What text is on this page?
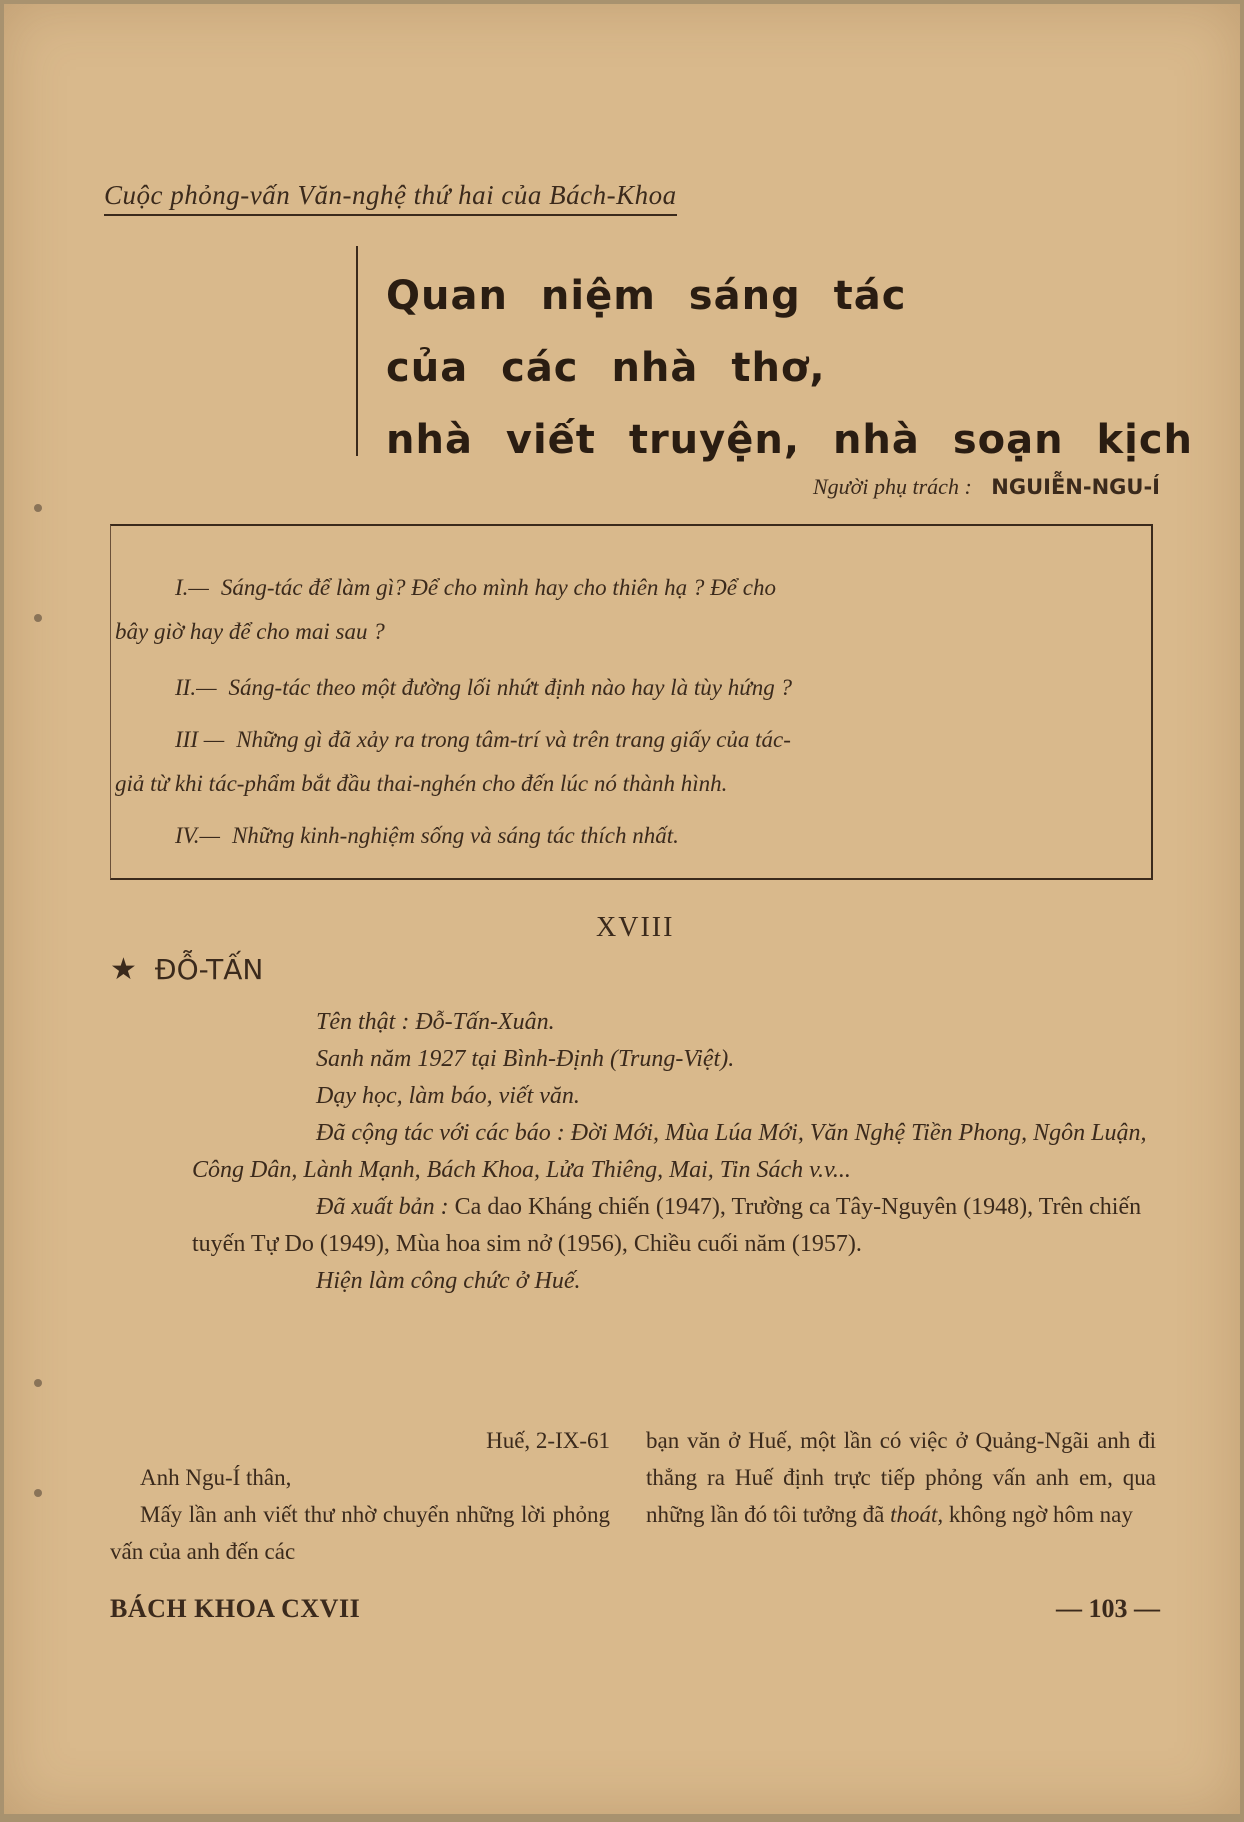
Cuộc phỏng-vấn Văn-nghệ thứ hai của Bách-Khoa
Quan niệm sáng tác
của các nhà thơ,
nhà viết truyện, nhà soạn kịch
Người phụ trách : NGUIỄN-NGU-Í
I.— Sáng-tác để làm gì? Để cho mình hay cho thiên hạ ? Để cho
bây giờ hay để cho mai sau ?
II.— Sáng-tác theo một đường lối nhứt định nào hay là tùy hứng ?
III — Những gì đã xảy ra trong tâm-trí và trên trang giấy của tác-
giả từ khi tác-phẩm bắt đầu thai-nghén cho đến lúc nó thành hình.
IV.— Những kinh-nghiệm sống và sáng tác thích nhất.
XVIII
★ ĐỖ-TẤN

Tên thật : Đỗ-Tấn-Xuân.

Sanh năm 1927 tại Bình-Định (Trung-Việt).

Dạy học, làm báo, viết văn.

Đã cộng tác với các báo : Đời Mới, Mùa Lúa Mới, Văn Nghệ Tiền Phong, Ngôn Luận, Công Dân, Lành Mạnh, Bách Khoa, Lửa Thiêng, Mai, Tin Sách v.v...

Đã xuất bản : Ca dao Kháng chiến (1947), Trường ca Tây-Nguyên (1948), Trên chiến tuyến Tự Do (1949), Mùa hoa sim nở (1956), Chiều cuối năm (1957).

Hiện làm công chức ở Huế.

Huế, 2-IX-61

Anh Ngu-Í thân,

Mấy lần anh viết thư nhờ chuyển những lời phỏng vấn của anh đến các

bạn văn ở Huế, một lần có việc ở Quảng-Ngãi anh đi thẳng ra Huế định trực tiếp phỏng vấn anh em, qua những lần đó tôi tưởng đã thoát, không ngờ hôm nay

BÁCH KHOA CXVII	— 103 —
